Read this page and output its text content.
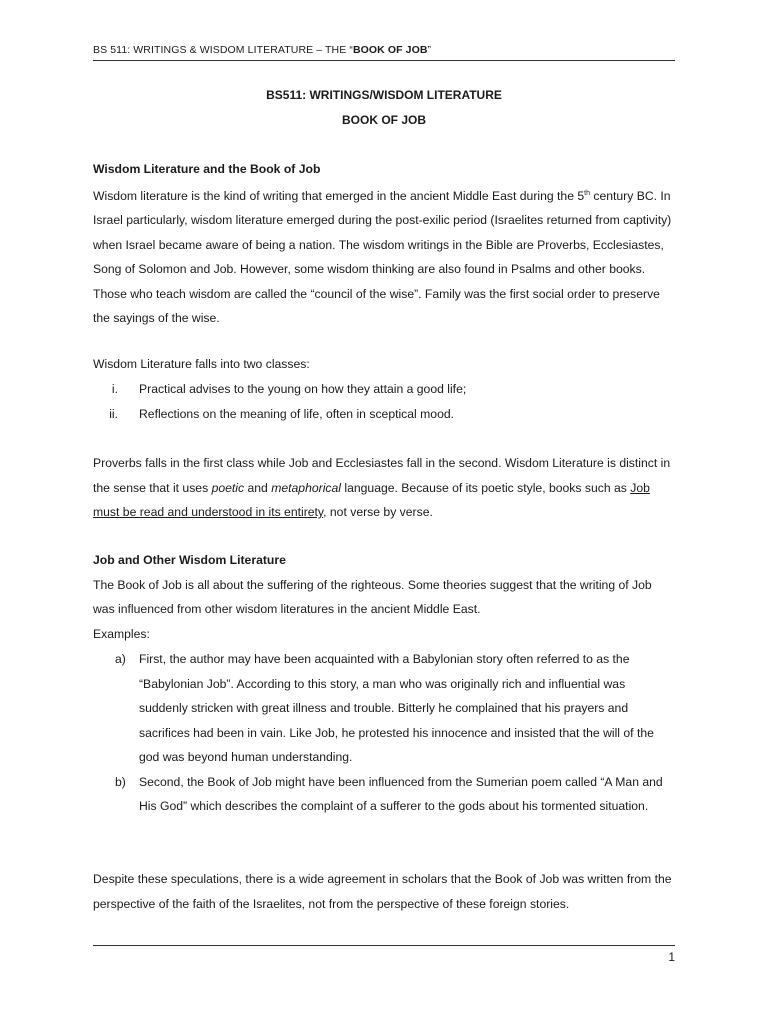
BS 511: WRITINGS & WISDOM LITERATURE – THE “BOOK OF JOB”
BS511: WRITINGS/WISDOM LITERATURE
BOOK OF JOB

Wisdom Literature and the Book of Job

Wisdom literature is the kind of writing that emerged in the ancient Middle East during the 5th century BC. In Israel particularly, wisdom literature emerged during the post-exilic period (Israelites returned from captivity) when Israel became aware of being a nation. The wisdom writings in the Bible are Proverbs, Ecclesiastes, Song of Solomon and Job. However, some wisdom thinking are also found in Psalms and other books. Those who teach wisdom are called the “council of the wise”. Family was the first social order to preserve the sayings of the wise.

Wisdom Literature falls into two classes:
i. Practical advises to the young on how they attain a good life;
ii. Reflections on the meaning of life, often in sceptical mood.

Proverbs falls in the first class while Job and Ecclesiastes fall in the second. Wisdom Literature is distinct in the sense that it uses poetic and metaphorical language. Because of its poetic style, books such as Job must be read and understood in its entirety, not verse by verse.

Job and Other Wisdom Literature

The Book of Job is all about the suffering of the righteous. Some theories suggest that the writing of Job was influenced from other wisdom literatures in the ancient Middle East.

Examples:

a) First, the author may have been acquainted with a Babylonian story often referred to as the “Babylonian Job”. According to this story, a man who was originally rich and influential was suddenly stricken with great illness and trouble. Bitterly he complained that his prayers and sacrifices had been in vain. Like Job, he protested his innocence and insisted that the will of the god was beyond human understanding.
b) Second, the Book of Job might have been influenced from the Sumerian poem called “A Man and His God” which describes the complaint of a sufferer to the gods about his tormented situation.
Despite these speculations, there is a wide agreement in scholars that the Book of Job was written from the perspective of the faith of the Israelites, not from the perspective of these foreign stories.
1
